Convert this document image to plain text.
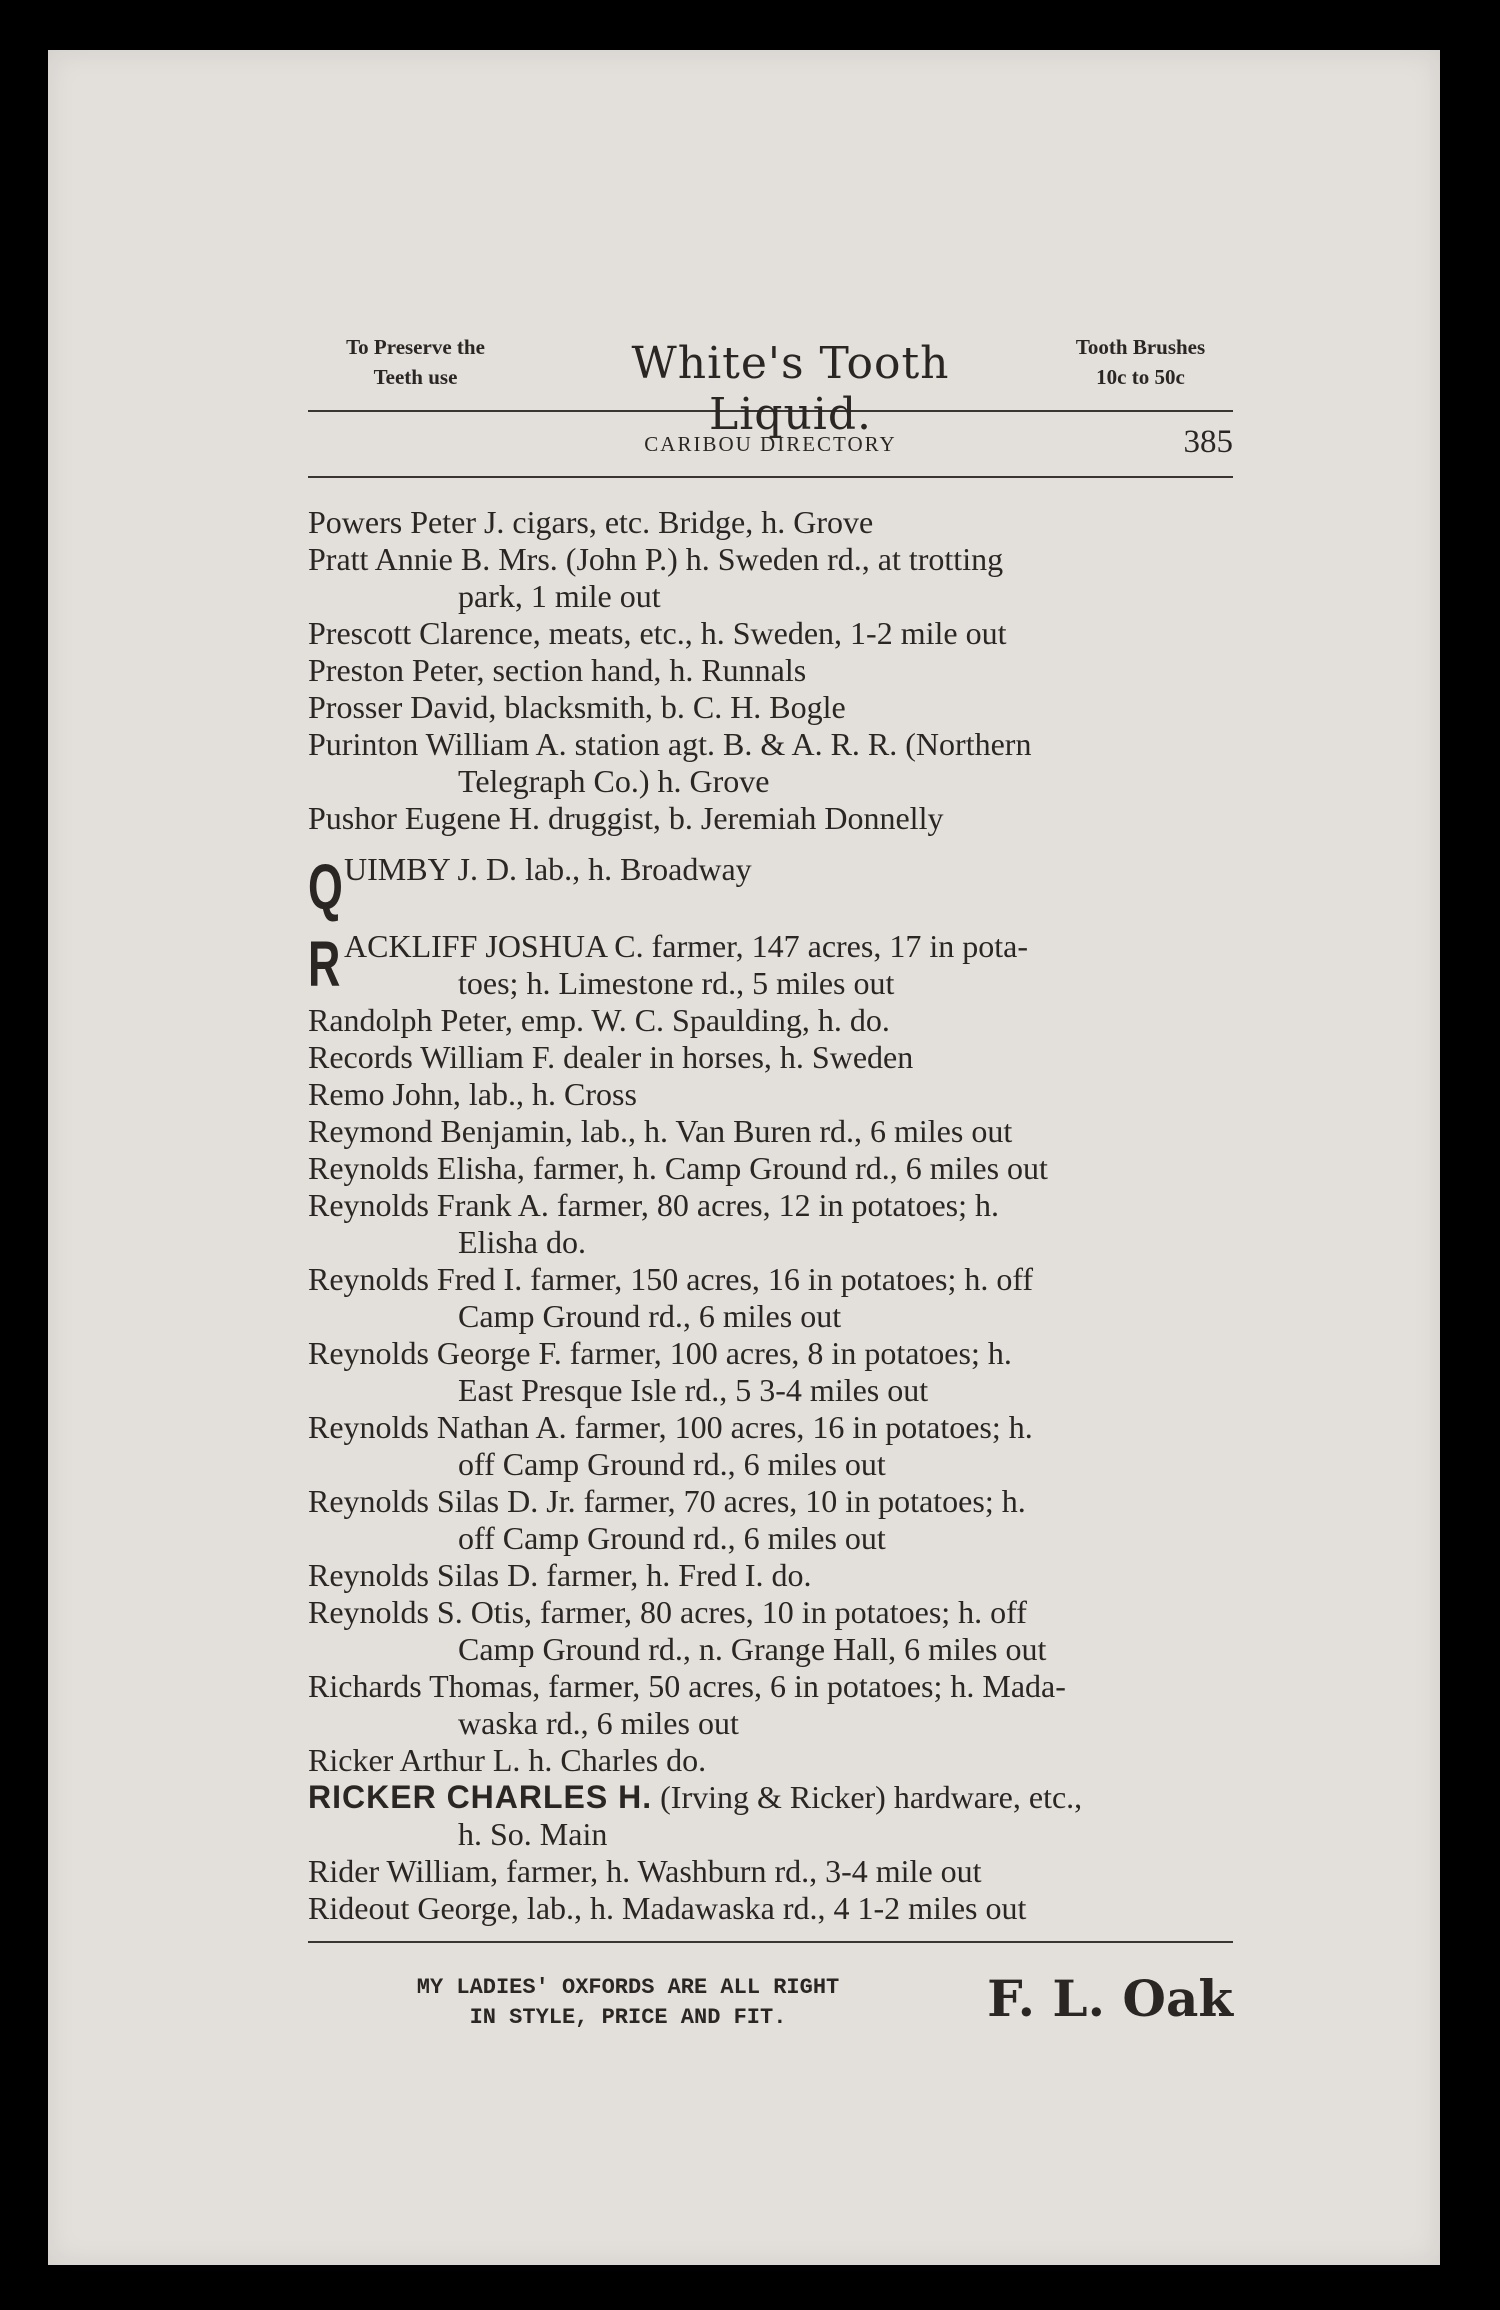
To Preserve the
Teeth use	White's Tooth Liquid.
Tooth Brushes
10c to 50c
CARIBOU DIRECTORY	385
Powers Peter J. cigars, etc. Bridge, h. Grove
Pratt Annie B. Mrs. (John P.) h. Sweden rd., at trotting
park, 1 mile out
Prescott Clarence, meats, etc., h. Sweden, 1-2 mile out
Preston Peter, section hand, h. Runnals
Prosser David, blacksmith, b. C. H. Bogle
Purinton William A. station agt. B. & A. R. R. (Northern
Telegraph Co.) h. Grove
Pushor Eugene H. druggist, b. Jeremiah Donnelly
Q UIMBY J. D. lab., h. Broadway
R ACKLIFF JOSHUA C. farmer, 147 acres, 17 in pota-
toes; h. Limestone rd., 5 miles out
Randolph Peter, emp. W. C. Spaulding, h. do.
Records William F. dealer in horses, h. Sweden
Remo John, lab., h. Cross
Reymond Benjamin, lab., h. Van Buren rd., 6 miles out
Reynolds Elisha, farmer, h. Camp Ground rd., 6 miles out
Reynolds Frank A. farmer, 80 acres, 12 in potatoes; h.
Elisha do.
Reynolds Fred I. farmer, 150 acres, 16 in potatoes; h. off
Camp Ground rd., 6 miles out
Reynolds George F. farmer, 100 acres, 8 in potatoes; h.
East Presque Isle rd., 5 3-4 miles out
Reynolds Nathan A. farmer, 100 acres, 16 in potatoes; h.
off Camp Ground rd., 6 miles out
Reynolds Silas D. Jr. farmer, 70 acres, 10 in potatoes; h.
off Camp Ground rd., 6 miles out
Reynolds Silas D. farmer, h. Fred I. do.
Reynolds S. Otis, farmer, 80 acres, 10 in potatoes; h. off
Camp Ground rd., n. Grange Hall, 6 miles out
Richards Thomas, farmer, 50 acres, 6 in potatoes; h. Mada-
waska rd., 6 miles out
Ricker Arthur L. h. Charles do.
RICKER CHARLES H. (Irving & Ricker) hardware, etc.,
h. So. Main
Rider William, farmer, h. Washburn rd., 3-4 mile out
Rideout George, lab., h. Madawaska rd., 4 1-2 miles out
MY LADIES' OXFORDS ARE ALL RIGHT
IN STYLE, PRICE AND FIT.	F. L. Oak
